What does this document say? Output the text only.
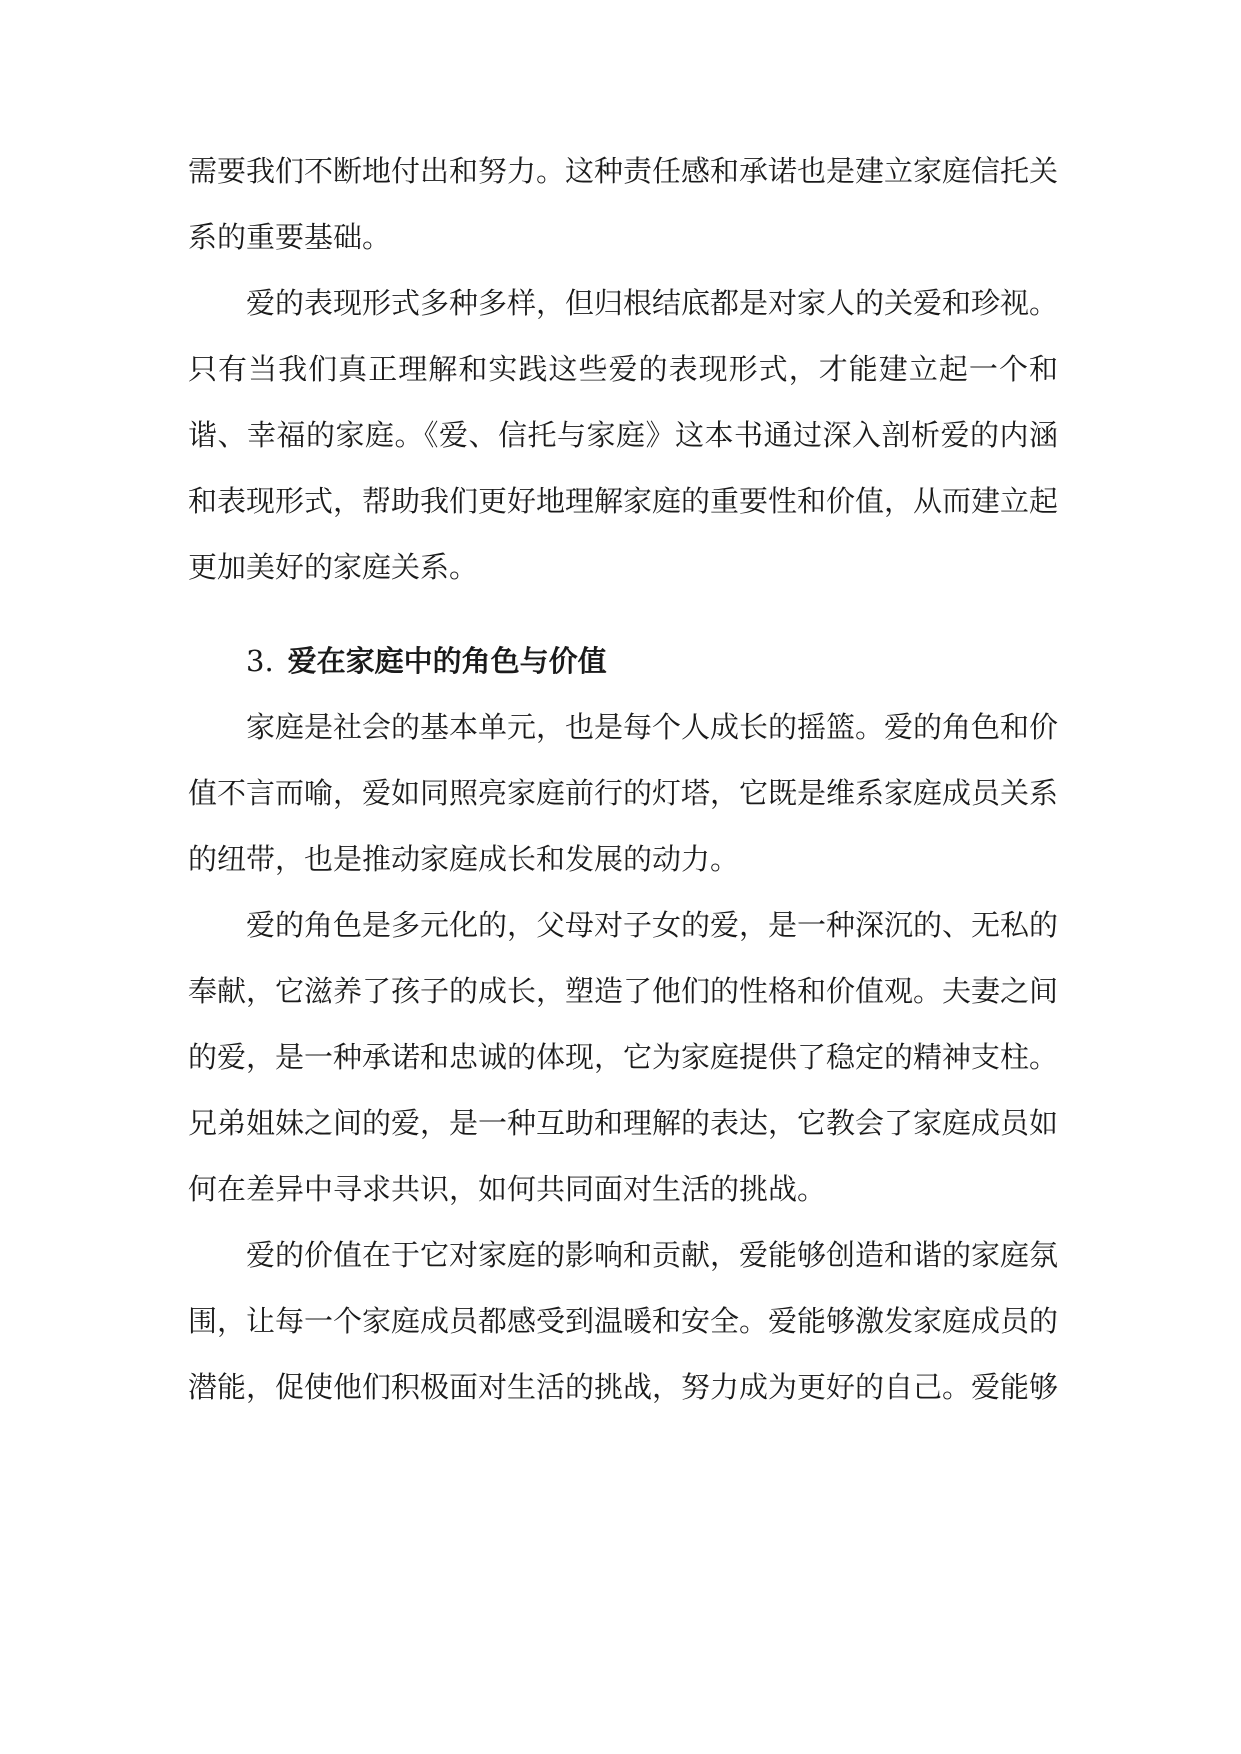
需要我们不断地付出和努力。这种责任感和承诺也是建立家庭信托关系的重要基础。

爱的表现形式多种多样，但归根结底都是对家人的关爱和珍视。只有当我们真正理解和实践这些爱的表现形式，才能建立起一个和谐、幸福的家庭。《爱、信托与家庭》这本书通过深入剖析爱的内涵和表现形式，帮助我们更好地理解家庭的重要性和价值，从而建立起更加美好的家庭关系。

3. 爱在家庭中的角色与价值

家庭是社会的基本单元，也是每个人成长的摇篮。爱的角色和价值不言而喻，爱如同照亮家庭前行的灯塔，它既是维系家庭成员关系的纽带，也是推动家庭成长和发展的动力。

爱的角色是多元化的，父母对子女的爱，是一种深沉的、无私的奉献，它滋养了孩子的成长，塑造了他们的性格和价值观。夫妻之间的爱，是一种承诺和忠诚的体现，它为家庭提供了稳定的精神支柱。兄弟姐妹之间的爱，是一种互助和理解的表达，它教会了家庭成员如何在差异中寻求共识，如何共同面对生活的挑战。

爱的价值在于它对家庭的影响和贡献，爱能够创造和谐的家庭氛围，让每一个家庭成员都感受到温暖和安全。爱能够激发家庭成员的潜能，促使他们积极面对生活的挑战，努力成为更好的自己。爱能够
